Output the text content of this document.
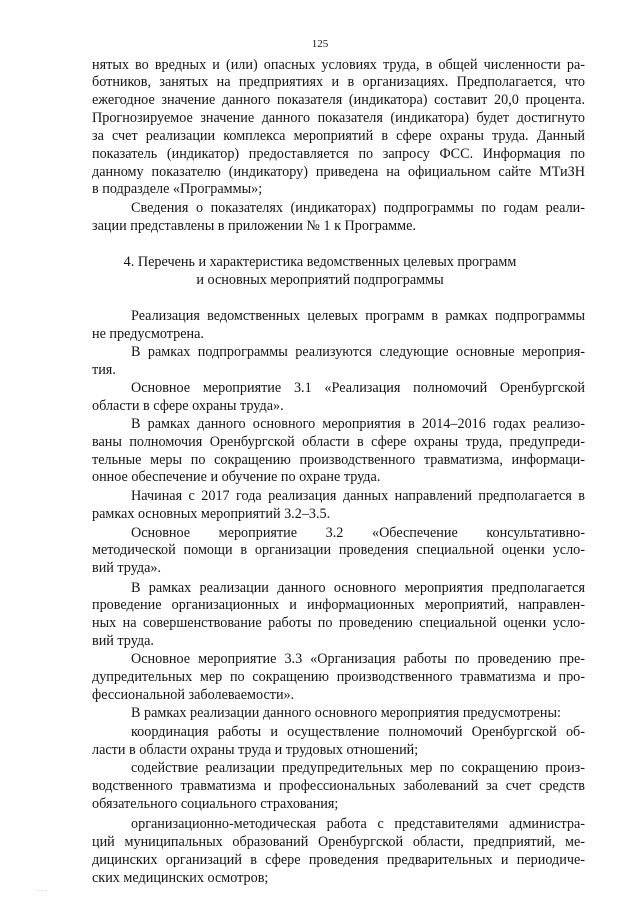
125
нятых во вредных и (или) опасных условиях труда, в общей численности ра-
ботников, занятых на предприятиях и в организациях. Предполагается, что
ежегодное значение данного показателя (индикатора) составит 20,0 процента.
Прогнозируемое значение данного показателя (индикатора) будет достигнуто
за счет реализации комплекса мероприятий в сфере охраны труда. Данный
показатель (индикатор) предоставляется по запросу ФСС. Информация по
данному показателю (индикатору) приведена на официальном сайте МТиЗН
в подразделе «Программы»;
Сведения о показателях (индикаторах) подпрограммы по годам реали-
зации представлены в приложении № 1 к Программе.
4. Перечень и характеристика ведомственных целевых программ
и основных мероприятий подпрограммы
Реализация ведомственных целевых программ в рамках подпрограммы
не предусмотрена.
В рамках подпрограммы реализуются следующие основные мероприя-
тия.
Основное мероприятие 3.1 «Реализация полномочий Оренбургской
области в сфере охраны труда».
В рамках данного основного мероприятия в 2014–2016 годах реализо-
ваны полномочия Оренбургской области в сфере охраны труда, предупреди-
тельные меры по сокращению производственного травматизма, информаци-
онное обеспечение и обучение по охране труда.
Начиная с 2017 года реализация данных направлений предполагается в
рамках основных мероприятий 3.2–3.5.
Основное мероприятие 3.2 «Обеспечение консультативно-
методической помощи в организации проведения специальной оценки усло-
вий труда».
В рамках реализации данного основного мероприятия предполагается
проведение организационных и информационных мероприятий, направлен-
ных на совершенствование работы по проведению специальной оценки усло-
вий труда.
Основное мероприятие 3.3 «Организация работы по проведению пре-
дупредительных мер по сокращению производственного травматизма и про-
фессиональной заболеваемости».
В рамках реализации данного основного мероприятия предусмотрены:
координация работы и осуществление полномочий Оренбургской об-
ласти в области охраны труда и трудовых отношений;
содействие реализации предупредительных мер по сокращению произ-
водственного травматизма и профессиональных заболеваний за счет средств
обязательного социального страхования;
организационно-методическая работа с представителями администра-
ций муниципальных образований Оренбургской области, предприятий, ме-
дицинских организаций в сфере проведения предварительных и периодиче-
ских медицинских осмотров;
.....
